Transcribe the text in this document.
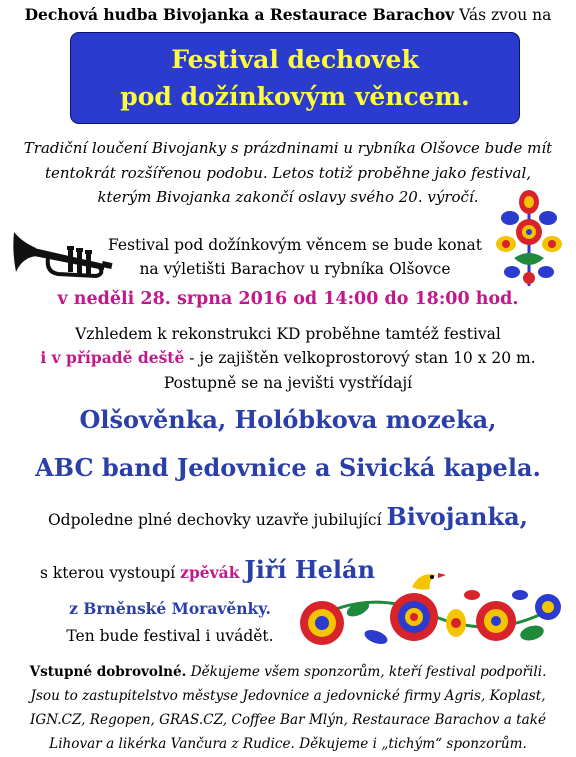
Dechová hudba Bivojanka a Restaurace Barachov Vás zvou na
Festival dechovek
pod dožínkovým věncem.
Tradiční loučení Bivojanky s prázdninami u rybníka Olšovce bude mít
tentokrát rozšířenou podobu. Letos totiž proběhne jako festival,
kterým Bivojanka zakončí oslavy svého 20. výročí.
Festival pod dožínkovým věncem se bude konat
na výletišti Barachov u rybníka Olšovce
v neděli 28. srpna 2016 od 14:00 do 18:00 hod.
Vzhledem k rekonstrukci KD proběhne tamtéž festival
i v případě deště - je zajištěn velkoprostorový stan 10 x 20 m.
Postupně se na jevišti vystřídají
Olšověnka, Holóbkova mozeka,
ABC band Jedovnice a Sivická kapela.
Odpoledne plné dechovky uzavře jubilující Bivojanka,
s kterou vystoupí zpěvák Jiří Helán
z Brněnské Moravěnky.
Ten bude festival i uvádět.
Vstupné dobrovolné. Děkujeme všem sponzorům, kteří festival podpořili.
Jsou to zastupitelstvo městyse Jedovnice a jedovnické firmy Agris, Koplast,
IGN.CZ, Regopen, GRAS.CZ, Coffee Bar Mlýn, Restaurace Barachov a také
Lihovar a likérka Vančura z Rudice. Děkujeme i „tichým“ sponzorům.
